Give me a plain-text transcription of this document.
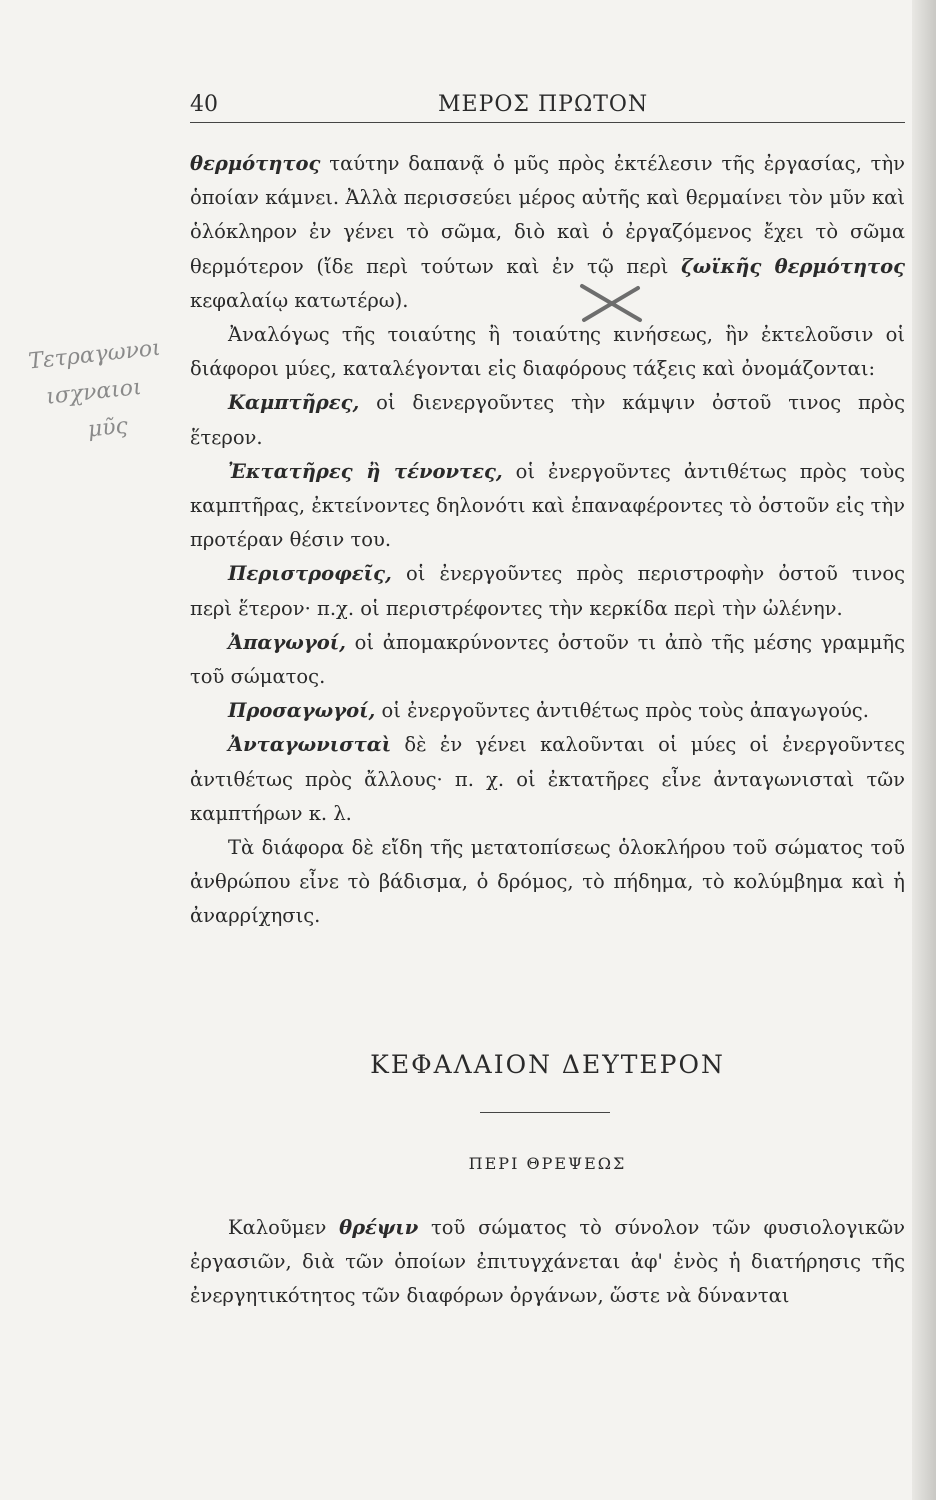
40	ΜΕΡΟΣ ΠΡΩΤΟΝ
Τετραγωνοι
ισχναιοι
μῦς

θερμότητος ταύτην δαπανᾷ ὁ μῦς πρὸς ἐκτέλεσιν τῆς ἐργασίας, τὴν ὁποίαν κάμνει. Ἀλλὰ περισσεύει μέρος αὐτῆς καὶ θερμαίνει τὸν μῦν καὶ ὁλόκληρον ἐν γένει τὸ σῶμα, διὸ καὶ ὁ ἐργαζόμενος ἔχει τὸ σῶμα θερμότερον (ἴδε περὶ τούτων καὶ ἐν τῷ περὶ ζωϊκῆς θερμότητος κεφαλαίῳ κατωτέρω).

Ἀναλόγως τῆς τοιαύτης ἢ τοιαύτης κινήσεως, ἣν ἐκτελοῦσιν οἱ διάφοροι μύες, καταλέγονται εἰς διαφόρους τάξεις καὶ ὀνομάζονται:

Καμπτῆρες, οἱ διενεργοῦντες τὴν κάμψιν ὀστοῦ τινος πρὸς ἕτερον.

Ἐκτατῆρες ἢ τένοντες, οἱ ἐνεργοῦντες ἀντιθέτως πρὸς τοὺς καμπτῆρας, ἐκτείνοντες δηλονότι καὶ ἐπαναφέροντες τὸ ὀστοῦν εἰς τὴν προτέραν θέσιν του.

Περιστροφεῖς, οἱ ἐνεργοῦντες πρὸς περιστροφὴν ὀστοῦ τινος περὶ ἕτερον· π.χ. οἱ περιστρέφοντες τὴν κερκίδα περὶ τὴν ὠλένην.

Ἀπαγωγοί, οἱ ἀπομακρύνοντες ὀστοῦν τι ἀπὸ τῆς μέσης γραμμῆς τοῦ σώματος.

Προσαγωγοί, οἱ ἐνεργοῦντες ἀντιθέτως πρὸς τοὺς ἀπαγωγούς.

Ἀνταγωνισταὶ δὲ ἐν γένει καλοῦνται οἱ μύες οἱ ἐνεργοῦντες ἀντιθέτως πρὸς ἄλλους· π. χ. οἱ ἐκτατῆρες εἶνε ἀνταγωνισταὶ τῶν καμπτήρων κ. λ.

Τὰ διάφορα δὲ εἴδη τῆς μετατοπίσεως ὁλοκλήρου τοῦ σώματος τοῦ ἀνθρώπου εἶνε τὸ βάδισμα, ὁ δρόμος, τὸ πήδημα, τὸ κολύμβημα καὶ ἡ ἀναρρίχησις.

ΚΕΦΑΛΑΙΟΝ ΔΕΥΤΕΡΟΝ
ΠΕΡΙ ΘΡΕΨΕΩΣ

Καλοῦμεν θρέψιν τοῦ σώματος τὸ σύνολον τῶν φυσιολογικῶν ἐργασιῶν, διὰ τῶν ὁποίων ἐπιτυγχάνεται ἀφ' ἑνὸς ἡ διατήρησις τῆς ἐνεργητικότητος τῶν διαφόρων ὀργάνων, ὥστε νὰ δύνανται
